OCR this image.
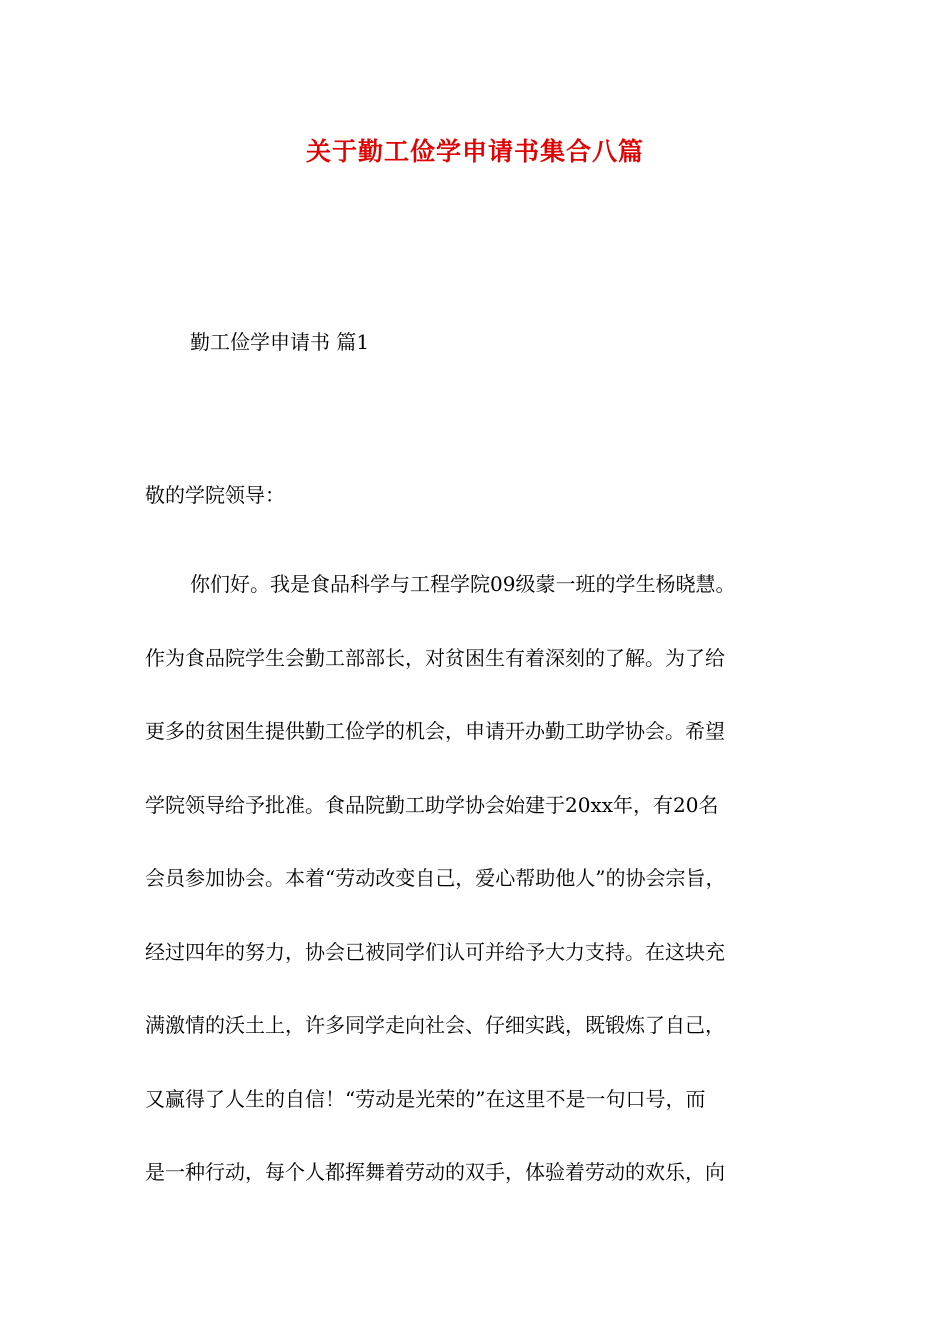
关于勤工俭学申请书集合八篇
勤工俭学申请书 篇1
敬的学院领导：
你们好。我是食品科学与工程学院09级蒙一班的学生杨晓慧。
作为食品院学生会勤工部部长，对贫困生有着深刻的了解。为了给
更多的贫困生提供勤工俭学的机会，申请开办勤工助学协会。希望
学院领导给予批准。食品院勤工助学协会始建于20xx年，有20名
会员参加协会。本着“劳动改变自己，爱心帮助他人”的协会宗旨，
经过四年的努力，协会已被同学们认可并给予大力支持。在这块充
满激情的沃土上，许多同学走向社会、仔细实践，既锻炼了自己，
又赢得了人生的自信！“劳动是光荣的”在这里不是一句口号，而
是一种行动，每个人都挥舞着劳动的双手，体验着劳动的欢乐，向
